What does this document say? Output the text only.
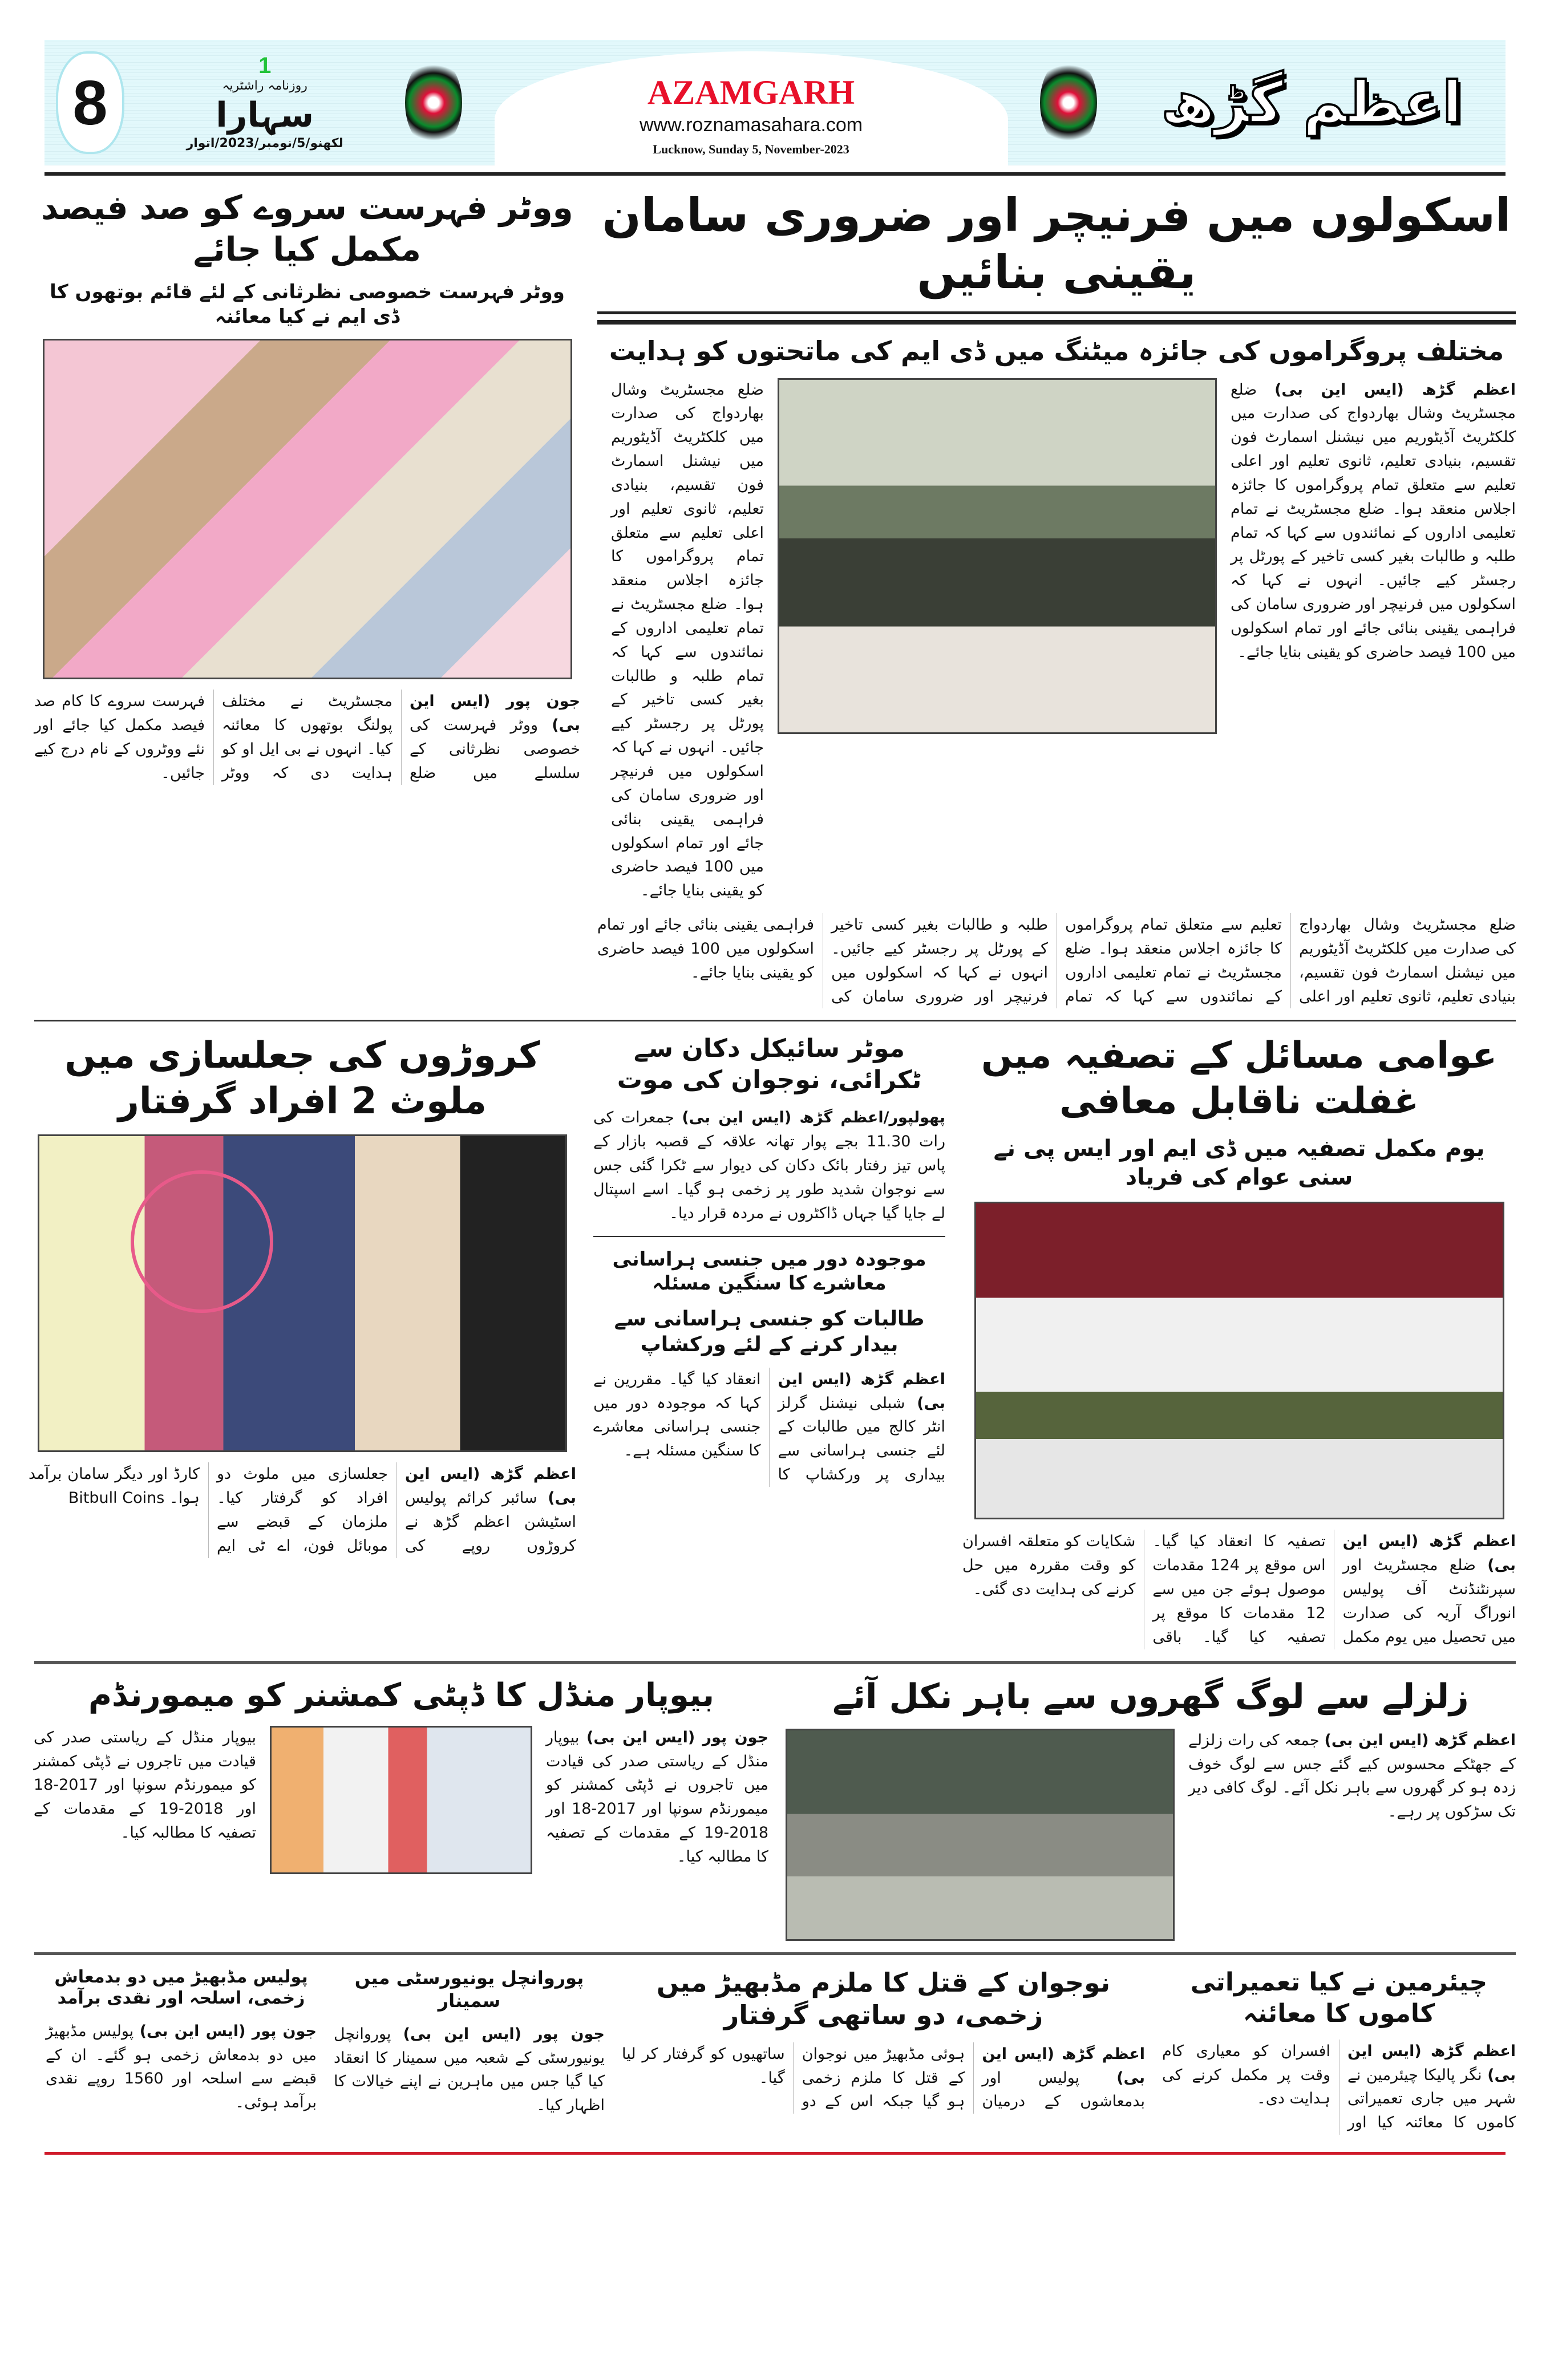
8
1
روزنامہ راشٹریہ
سہارا
لکھنو/5/نومبر/2023/اتوار
AZAMGARH
www.roznamasahara.com
Lucknow, Sunday 5, November-2023
اعظم گڑھ
اسکولوں میں فرنیچر اور ضروری سامان یقینی بنائیں
مختلف پروگراموں کی جائزہ میٹنگ میں ڈی ایم کی ماتحتوں کو ہدایت
اعظم گڑھ (ایس این بی) ضلع مجسٹریٹ وشال بھاردواج کی صدارت میں کلکٹریٹ آڈیٹوریم میں نیشنل اسمارٹ فون تقسیم، بنیادی تعلیم، ثانوی تعلیم اور اعلی تعلیم سے متعلق تمام پروگراموں کا جائزہ اجلاس منعقد ہوا۔ ضلع مجسٹریٹ نے تمام تعلیمی اداروں کے نمائندوں سے کہا کہ تمام طلبہ و طالبات بغیر کسی تاخیر کے پورٹل پر رجسٹر کیے جائیں۔ انہوں نے کہا کہ اسکولوں میں فرنیچر اور ضروری سامان کی فراہمی یقینی بنائی جائے اور تمام اسکولوں میں 100 فیصد حاضری کو یقینی بنایا جائے۔
ضلع مجسٹریٹ وشال بھاردواج کی صدارت میں کلکٹریٹ آڈیٹوریم میں نیشنل اسمارٹ فون تقسیم، بنیادی تعلیم، ثانوی تعلیم اور اعلی تعلیم سے متعلق تمام پروگراموں کا جائزہ اجلاس منعقد ہوا۔ ضلع مجسٹریٹ نے تمام تعلیمی اداروں کے نمائندوں سے کہا کہ تمام طلبہ و طالبات بغیر کسی تاخیر کے پورٹل پر رجسٹر کیے جائیں۔ انہوں نے کہا کہ اسکولوں میں فرنیچر اور ضروری سامان کی فراہمی یقینی بنائی جائے اور تمام اسکولوں میں 100 فیصد حاضری کو یقینی بنایا جائے۔
ضلع مجسٹریٹ وشال بھاردواج کی صدارت میں کلکٹریٹ آڈیٹوریم میں نیشنل اسمارٹ فون تقسیم، بنیادی تعلیم، ثانوی تعلیم اور اعلی تعلیم سے متعلق تمام پروگراموں کا جائزہ اجلاس منعقد ہوا۔ ضلع مجسٹریٹ نے تمام تعلیمی اداروں کے نمائندوں سے کہا کہ تمام طلبہ و طالبات بغیر کسی تاخیر کے پورٹل پر رجسٹر کیے جائیں۔ انہوں نے کہا کہ اسکولوں میں فرنیچر اور ضروری سامان کی فراہمی یقینی بنائی جائے اور تمام اسکولوں میں 100 فیصد حاضری کو یقینی بنایا جائے۔
ووٹر فہرست سروے کو صد فیصد مکمل کیا جائے
ووٹر فہرست خصوصی نظرثانی کے لئے قائم بوتھوں کا ڈی ایم نے کیا معائنہ
جون پور (ایس این بی) ووٹر فہرست کی خصوصی نظرثانی کے سلسلے میں ضلع مجسٹریٹ نے مختلف پولنگ بوتھوں کا معائنہ کیا۔ انہوں نے بی ایل او کو ہدایت دی کہ ووٹر فہرست سروے کا کام صد فیصد مکمل کیا جائے اور نئے ووٹروں کے نام درج کیے جائیں۔
عوامی مسائل کے تصفیہ میں غفلت ناقابل معافی
یوم مکمل تصفیہ میں ڈی ایم اور ایس پی نے سنی عوام کی فریاد
اعظم گڑھ (ایس این بی) ضلع مجسٹریٹ اور سپرنٹنڈنٹ آف پولیس انوراگ آریہ کی صدارت میں تحصیل میں یوم مکمل تصفیہ کا انعقاد کیا گیا۔ اس موقع پر 124 مقدمات موصول ہوئے جن میں سے 12 مقدمات کا موقع پر تصفیہ کیا گیا۔ باقی شکایات کو متعلقہ افسران کو وقت مقررہ میں حل کرنے کی ہدایت دی گئی۔
موٹر سائیکل دکان سے ٹکرائی، نوجوان کی موت
پھولپور/اعظم گڑھ (ایس این بی) جمعرات کی رات 11.30 بجے پوار تھانہ علاقہ کے قصبہ بازار کے پاس تیز رفتار بائک دکان کی دیوار سے ٹکرا گئی جس سے نوجوان شدید طور پر زخمی ہو گیا۔ اسے اسپتال لے جایا گیا جہاں ڈاکٹروں نے مردہ قرار دیا۔
موجودہ دور میں جنسی ہراسانی معاشرے کا سنگین مسئلہ
طالبات کو جنسی ہراسانی سے بیدار کرنے کے لئے ورکشاپ
اعظم گڑھ (ایس این بی) شبلی نیشنل گرلز انٹر کالج میں طالبات کے لئے جنسی ہراسانی سے بیداری پر ورکشاپ کا انعقاد کیا گیا۔ مقررین نے کہا کہ موجودہ دور میں جنسی ہراسانی معاشرے کا سنگین مسئلہ ہے۔
کروڑوں کی جعلسازی میں ملوث 2 افراد گرفتار
اعظم گڑھ (ایس این بی) سائبر کرائم پولیس اسٹیشن اعظم گڑھ نے کروڑوں روپے کی جعلسازی میں ملوث دو افراد کو گرفتار کیا۔ ملزمان کے قبضے سے موبائل فون، اے ٹی ایم کارڈ اور دیگر سامان برآمد ہوا۔ Bitbull Coins
زلزلے سے لوگ گھروں سے باہر نکل آئے
اعظم گڑھ (ایس این بی) جمعہ کی رات زلزلے کے جھٹکے محسوس کیے گئے جس سے لوگ خوف زدہ ہو کر گھروں سے باہر نکل آئے۔ لوگ کافی دیر تک سڑکوں پر رہے۔
بیوپار منڈل کا ڈپٹی کمشنر کو میمورنڈم
جون پور (ایس این بی) بیوپار منڈل کے ریاستی صدر کی قیادت میں تاجروں نے ڈپٹی کمشنر کو میمورنڈم سونپا اور 2017-18 اور 2018-19 کے مقدمات کے تصفیہ کا مطالبہ کیا۔
بیوپار منڈل کے ریاستی صدر کی قیادت میں تاجروں نے ڈپٹی کمشنر کو میمورنڈم سونپا اور 2017-18 اور 2018-19 کے مقدمات کے تصفیہ کا مطالبہ کیا۔
چیئرمین نے کیا تعمیراتی کاموں کا معائنہ
اعظم گڑھ (ایس این بی) نگر پالیکا چیئرمین نے شہر میں جاری تعمیراتی کاموں کا معائنہ کیا اور افسران کو معیاری کام وقت پر مکمل کرنے کی ہدایت دی۔
نوجوان کے قتل کا ملزم مڈبھیڑ میں زخمی، دو ساتھی گرفتار
اعظم گڑھ (ایس این بی) پولیس اور بدمعاشوں کے درمیان ہوئی مڈبھیڑ میں نوجوان کے قتل کا ملزم زخمی ہو گیا جبکہ اس کے دو ساتھیوں کو گرفتار کر لیا گیا۔
پوروانچل یونیورسٹی میں سمینار
جون پور (ایس این بی) پوروانچل یونیورسٹی کے شعبہ میں سمینار کا انعقاد کیا گیا جس میں ماہرین نے اپنے خیالات کا اظہار کیا۔
پولیس مڈبھیڑ میں دو بدمعاش زخمی، اسلحہ اور نقدی برآمد
جون پور (ایس این بی) پولیس مڈبھیڑ میں دو بدمعاش زخمی ہو گئے۔ ان کے قبضے سے اسلحہ اور 1560 روپے نقدی برآمد ہوئی۔
